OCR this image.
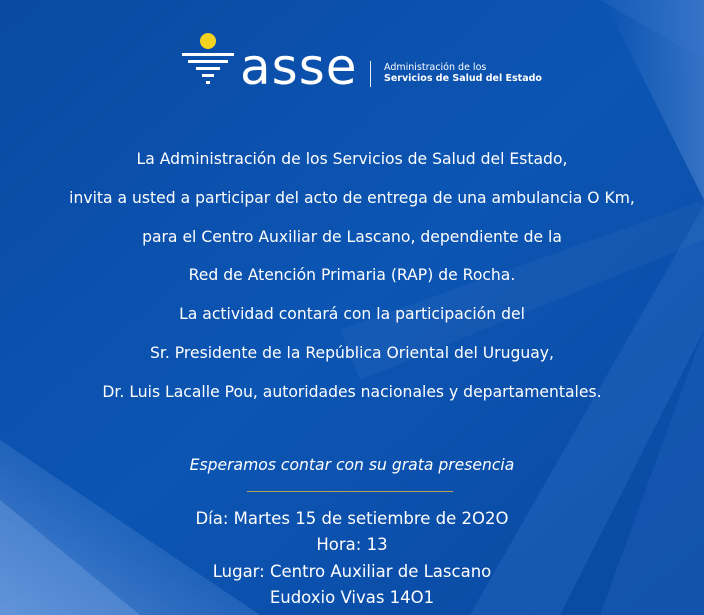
asse	Administración de los
Servicios de Salud del Estado
La Administración de los Servicios de Salud del Estado,
invita a usted a participar del acto de entrega de una ambulancia O Km,
para el Centro Auxiliar de Lascano, dependiente de la
Red de Atención Primaria (RAP) de Rocha.
La actividad contará con la participación del
Sr. Presidente de la República Oriental del Uruguay,
Dr. Luis Lacalle Pou, autoridades nacionales y departamentales.
Esperamos contar con su grata presencia
Día: Martes 15 de setiembre de 2O2O
Hora: 13
Lugar: Centro Auxiliar de Lascano
Eudoxio Vivas 14O1
